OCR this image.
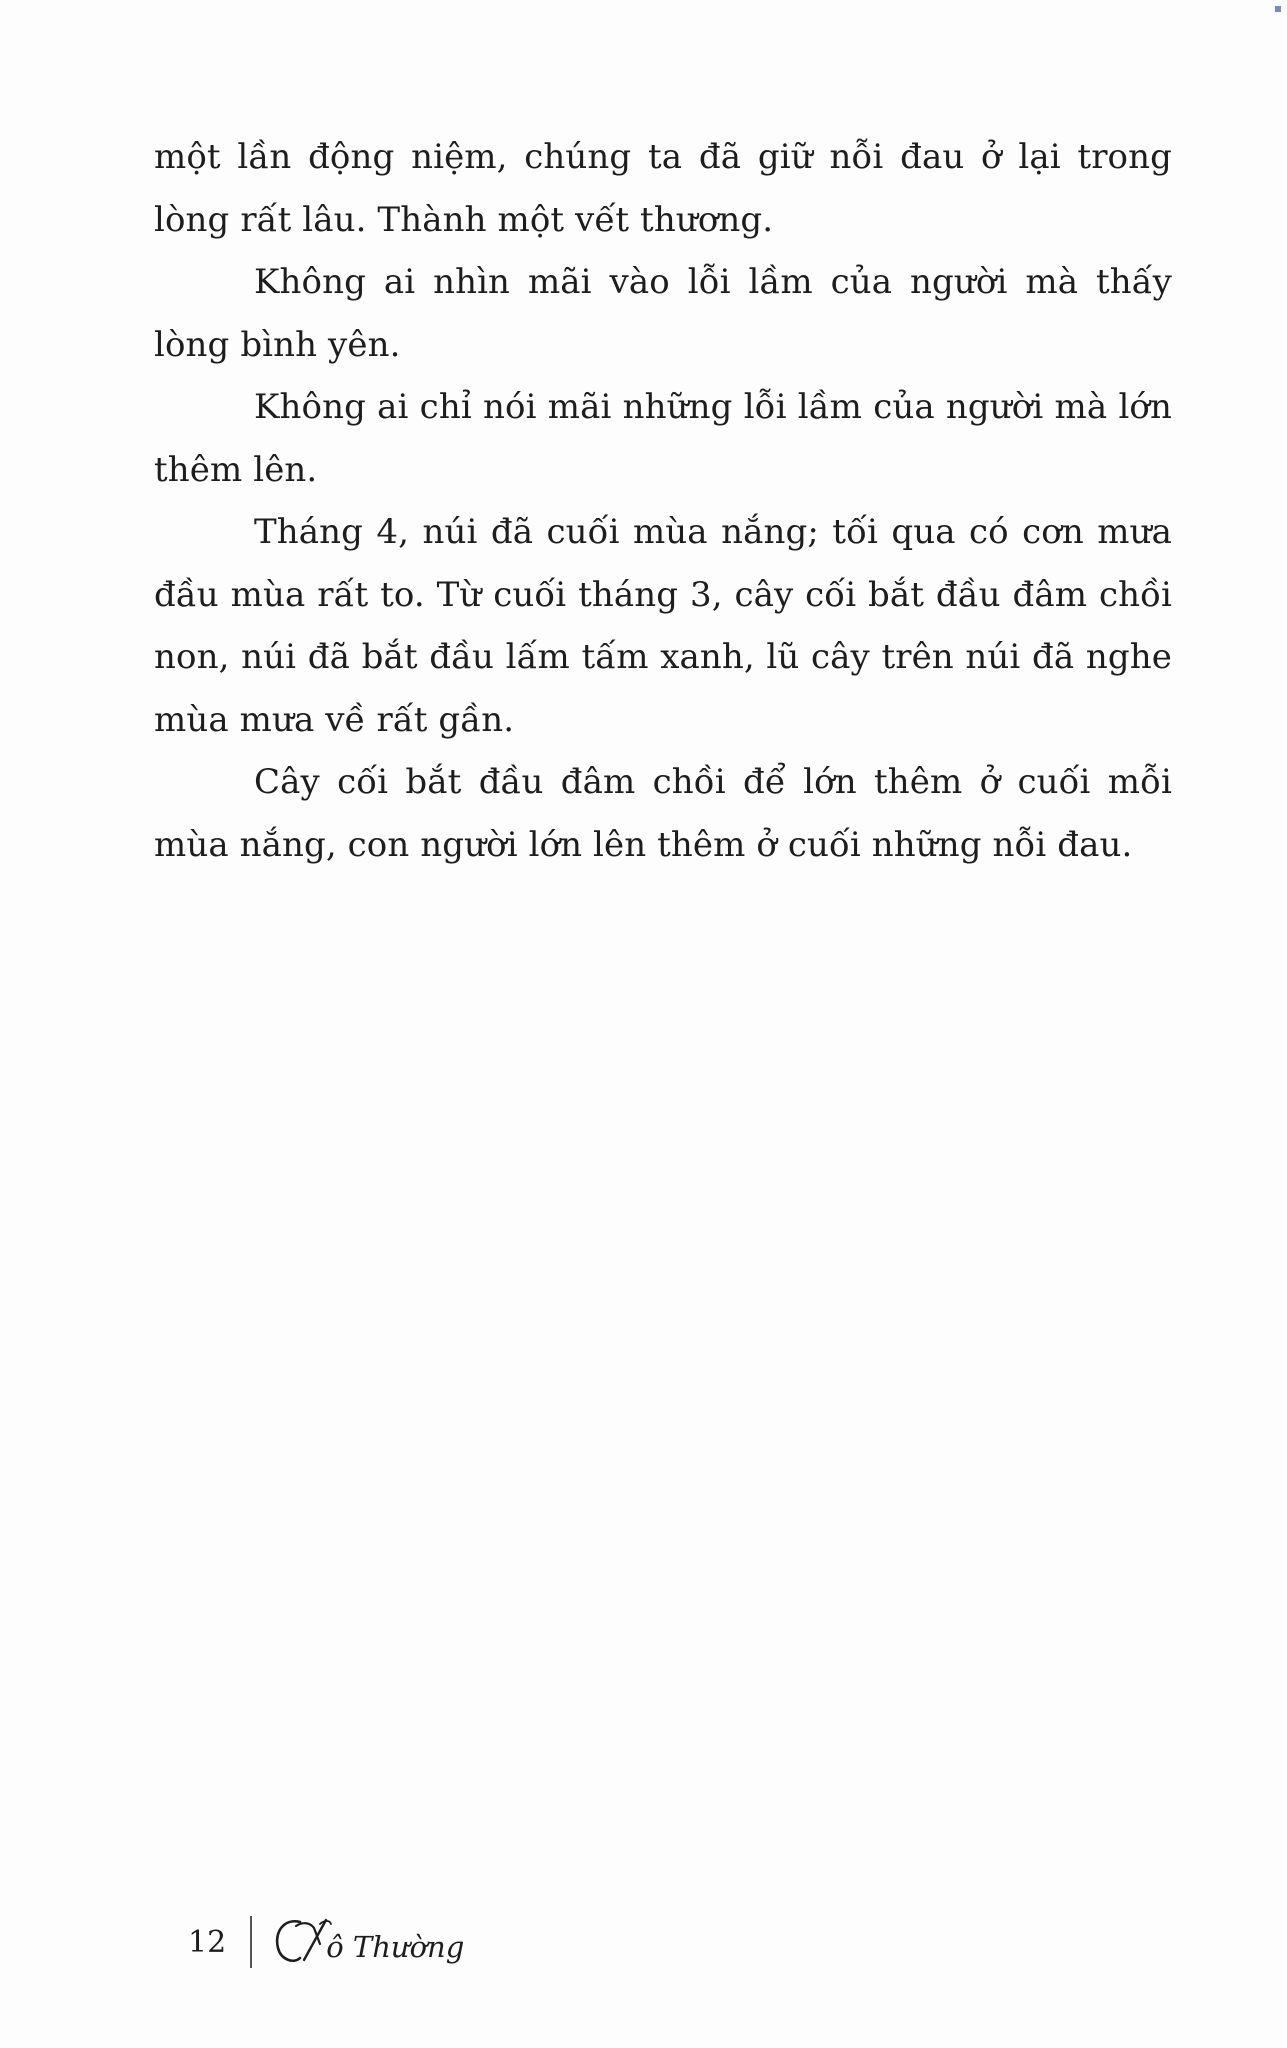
một lần động niệm, chúng ta đã giữ nỗi đau ở lại trong lòng rất lâu. Thành một vết thương.

Không ai nhìn mãi vào lỗi lầm của người mà thấy lòng bình yên.

Không ai chỉ nói mãi những lỗi lầm của người mà lớn thêm lên.

Tháng 4, núi đã cuối mùa nắng; tối qua có cơn mưa đầu mùa rất to. Từ cuối tháng 3, cây cối bắt đầu đâm chồi non, núi đã bắt đầu lấm tấm xanh, lũ cây trên núi đã nghe mùa mưa về rất gần.

Cây cối bắt đầu đâm chồi để lớn thêm ở cuối mỗi mùa nắng, con người lớn lên thêm ở cuối những nỗi đau.

12	ô Thường
